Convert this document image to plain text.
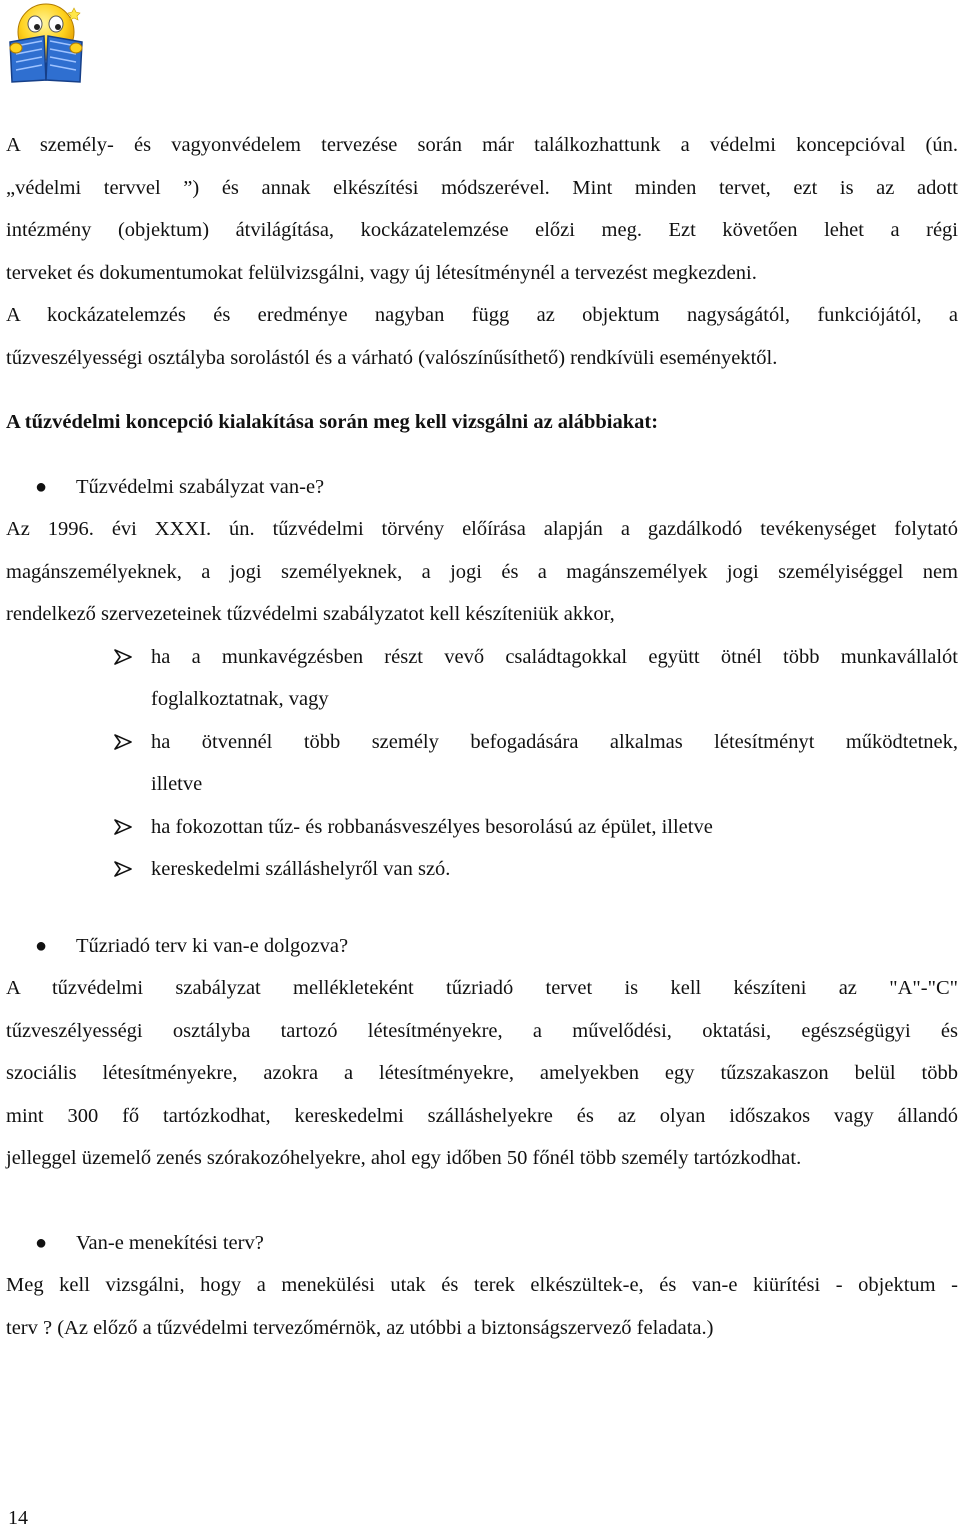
A személy- és vagyonvédelem tervezése során már találkozhattunk a védelmi koncepcióval (ún.

„védelmi tervvel ”) és annak elkészítési módszerével. Mint minden tervet, ezt is az adott

intézmény (objektum) átvilágítása, kockázatelemzése előzi meg. Ezt követően lehet a régi

terveket és dokumentumokat felülvizsgálni, vagy új létesítménynél a tervezést megkezdeni.

A kockázatelemzés és eredménye nagyban függ az objektum nagyságától, funkciójától, a

tűzveszélyességi osztályba sorolástól és a várható (valószínűsíthető) rendkívüli eseményektől.

A tűzvédelmi koncepció kialakítása során meg kell vizsgálni az alábbiakat:

● Tűzvédelmi szabályzat van-e?

Az 1996. évi XXXI. ún. tűzvédelmi törvény előírása alapján a gazdálkodó tevékenységet folytató

magánszemélyeknek, a jogi személyeknek, a jogi és a magánszemélyek jogi személyiséggel nem

rendelkező szervezeteinek tűzvédelmi szabályzatot kell készíteniük akkor,

ha a munkavégzésben részt vevő családtagokkal együtt ötnél több munkavállalót

foglalkoztatnak, vagy

ha ötvennél több személy befogadására alkalmas létesítményt működtetnek,

illetve

ha fokozottan tűz- és robbanásveszélyes besorolású az épület, illetve

kereskedelmi szálláshelyről van szó.

● Tűzriadó terv ki van-e dolgozva?

A tűzvédelmi szabályzat mellékleteként tűzriadó tervet is kell készíteni az "A"-"C"

tűzveszélyességi osztályba tartozó létesítményekre, a művelődési, oktatási, egészségügyi és

szociális létesítményekre, azokra a létesítményekre, amelyekben egy tűzszakaszon belül több

mint 300 fő tartózkodhat, kereskedelmi szálláshelyekre és az olyan időszakos vagy állandó

jelleggel üzemelő zenés szórakozóhelyekre, ahol egy időben 50 főnél több személy tartózkodhat.

● Van-e menekítési terv?

Meg kell vizsgálni, hogy a menekülési utak és terek elkészültek-e, és van-e kiürítési - objektum -

terv ? (Az előző a tűzvédelmi tervezőmérnök, az utóbbi a biztonságszervező feladata.)

14
